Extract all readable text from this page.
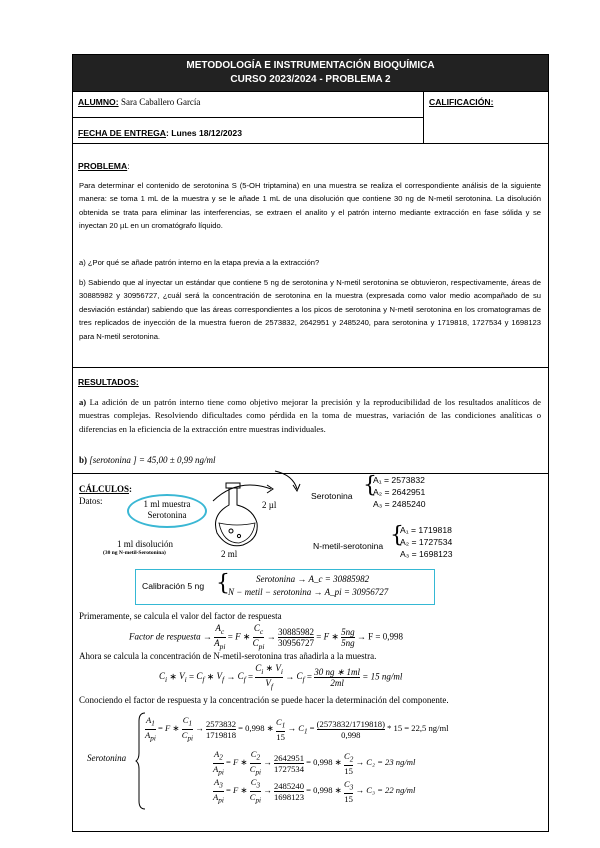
METODOLOGÍA E INSTRUMENTACIÓN BIOQUÍMICA
CURSO 2023/2024 - PROBLEMA 2
ALUMNO: Sara Caballero García	CALIFICACIÓN:
FECHA DE ENTREGA: Lunes 18/12/2023
PROBLEMA:
Para determinar el contenido de serotonina S (5-OH triptamina) en una muestra se realiza el correspondiente análisis de la siguiente manera: se toma 1 mL de la muestra y se le añade 1 mL de una disolución que contiene 30 ng de N-metil serotonina. La disolución obtenida se trata para eliminar las interferencias, se extraen el analito y el patrón interno mediante extracción en fase sólida y se inyectan 20 µL en un cromatógrafo líquido.
a) ¿Por qué se añade patrón interno en la etapa previa a la extracción?
b) Sabiendo que al inyectar un estándar que contiene 5 ng de serotonina y N-metil serotonina se obtuvieron, respectivamente, áreas de 30885982 y 30956727, ¿cuál será la concentración de serotonina en la muestra (expresada como valor medio acompañado de su desviación estándar) sabiendo que las áreas correspondientes a los picos de serotonina y N-metil serotonina en los cromatogramas de tres replicados de inyección de la muestra fueron de 2573832, 2642951 y 2485240, para serotonina y 1719818, 1727534 y 1698123 para N-metil serotonina.
RESULTADOS:
a) La adición de un patrón interno tiene como objetivo mejorar la precisión y la reproducibilidad de los resultados analíticos de muestras complejas. Resolviendo dificultades como pérdida en la toma de muestras, variación de las condiciones analíticas o diferencias en la eficiencia de la extracción entre muestras individuales.
b) [serotonina ] = 45,00 ± 0,99 ng/ml
CÁLCULOS:
Datos:	1 ml muestra
Serotonina
2 µl
1 ml disolución
(30 ng N-metil-Serotonina)	2 ml
Serotonina {
A₁ = 2573832
A₂ = 2642951
A₃ = 2485240
N-metil-serotonina {
A₁ = 1719818
A₂ = 1727534
A₃ = 1698123
Calibración 5 ng {	Serotonina → A_c = 30885982
N − metil − serotonina → A_pi = 30956727
Primeramente, se calcula el valor del factor de respuesta
Factor de respuesta → $\frac{A_c}{A_{pi}} = F$ ∗ $\frac{C_c}{C_{pi}} \to \frac{30885982}{30956727} = F$ ∗ $\frac{5ng}{5ng} \to F = 0,998$
Ahora se calcula la concentración de N-metil-serotonina tras añadirla a la muestra.
$C_i$ ∗ $V_i = C_f$ ∗ $V_f \to C_f = \frac{C_i ∗ V_i}{V_f} \to C_f = \frac{30 ng ∗ 1ml}{2ml} = 15$ ng/ml
Conociendo el factor de respuesta y la concentración se puede hacer la determinación del componente.
Serotonina
$\frac{A_1}{A_{pi}} = F$ ∗ $\frac{C_1}{C_{pi}} \to \frac{2573832}{1719818} = 0,998$ ∗ $\frac{C_1}{15} \to C_1 = \frac{(2573832/1719818)}{0,998} * 15 = 22,5$ ng/ml
$\frac{A_2}{A_{pi}} = F$ ∗ $\frac{C_2}{C_{pi}} \to \frac{2642951}{1727534} = 0,998$ ∗ $\frac{C_2}{15} \to C_2 = 23$ ng/ml
$\frac{A_3}{A_{pi}} = F$ ∗ $\frac{C_3}{C_{pi}} \to \frac{2485240}{1698123} = 0,998$ ∗ $\frac{C_3}{15} \to C_3 = 22$ ng/ml
